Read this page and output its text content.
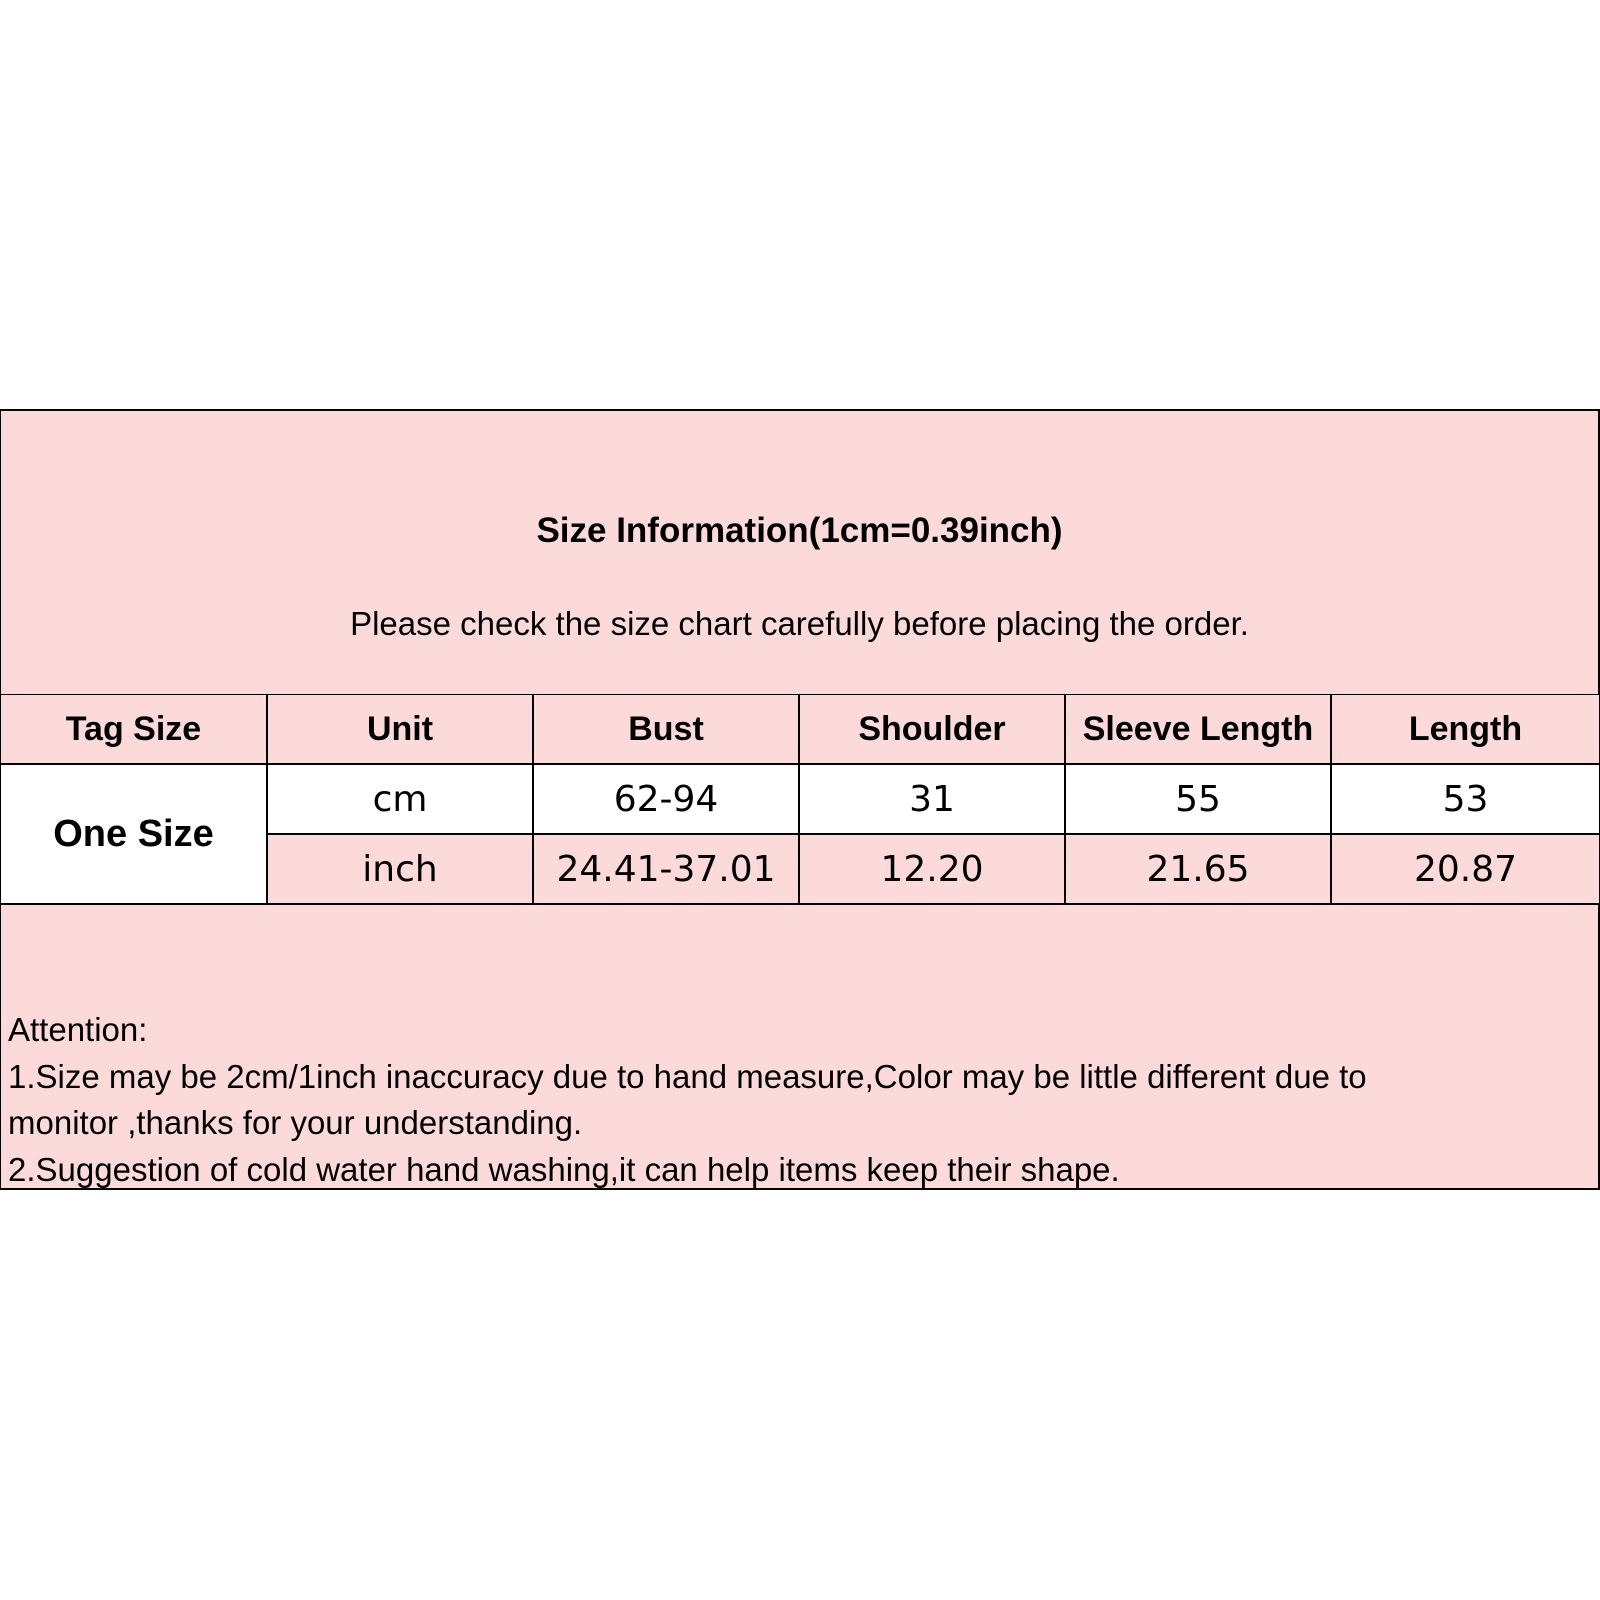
Size Information(1cm=0.39inch)
Please check the size chart carefully before placing the order.
Tag Size	Unit	Bust	Shoulder	Sleeve Length	Length
One Size	cm	62-94	31	55	53
	inch	24.41-37.01	12.20	21.65	20.87
Attention:
1.Size may be 2cm/1inch inaccuracy due to hand measure,Color may be little different due to
monitor ,thanks for your understanding.
2.Suggestion of cold water hand washing,it can help items keep their shape.
